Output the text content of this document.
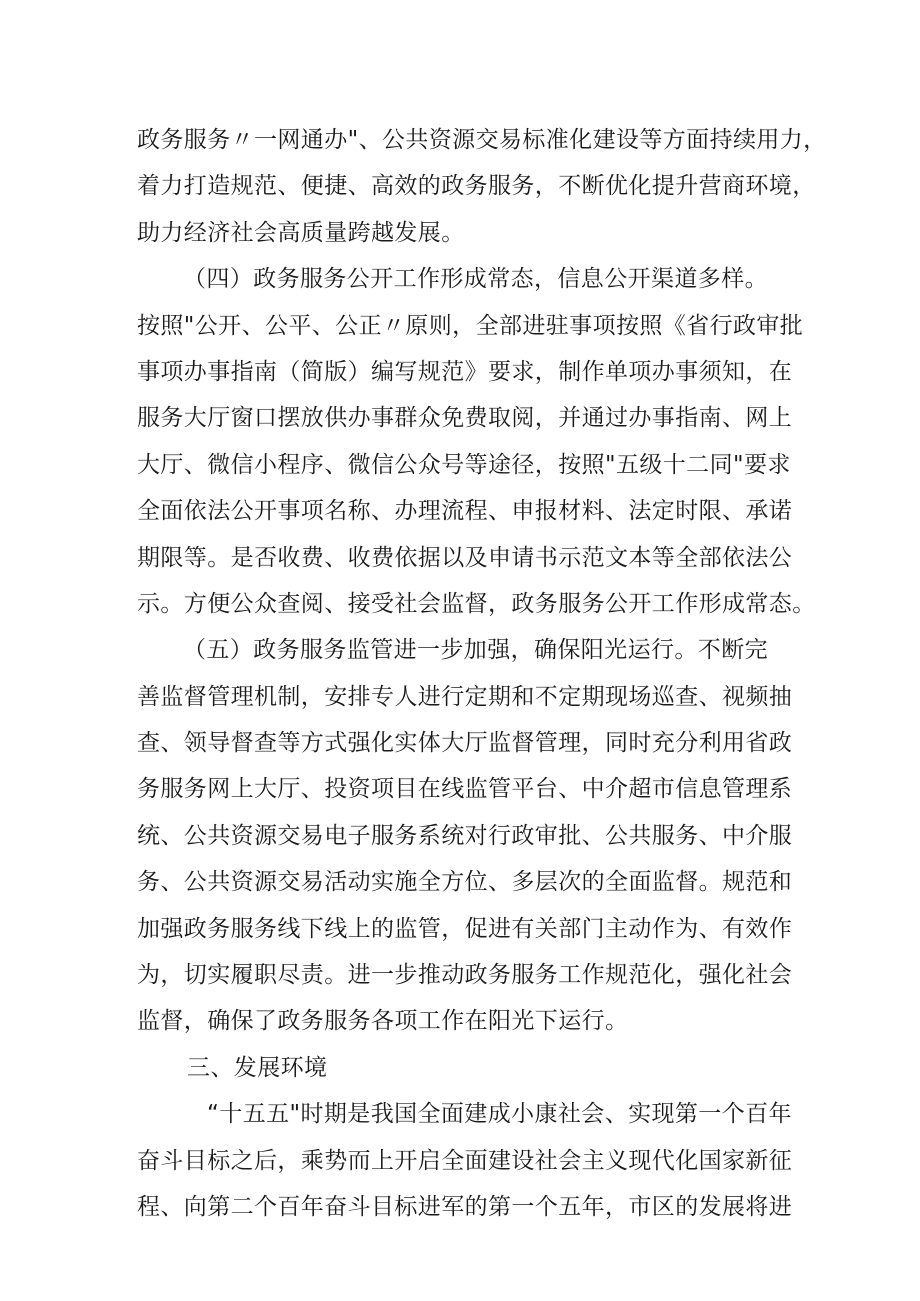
政务服务〃一网通办"、公共资源交易标准化建设等方面持续用力，
着力打造规范、便捷、高效的政务服务，不断优化提升营商环境，
助力经济社会高质量跨越发展。
（四）政务服务公开工作形成常态，信息公开渠道多样。
按照"公开、公平、公正〃原则，全部进驻事项按照《省行政审批
事项办事指南（简版）编写规范》要求，制作单项办事须知，在
服务大厅窗口摆放供办事群众免费取阅，并通过办事指南、网上
大厅、微信小程序、微信公众号等途径，按照"五级十二同"要求
全面依法公开事项名称、办理流程、申报材料、法定时限、承诺
期限等。是否收费、收费依据以及申请书示范文本等全部依法公
示。方便公众查阅、接受社会监督，政务服务公开工作形成常态。
（五）政务服务监管进一步加强，确保阳光运行。不断完
善监督管理机制，安排专人进行定期和不定期现场巡查、视频抽
查、领导督查等方式强化实体大厅监督管理，同时充分利用省政
务服务网上大厅、投资项目在线监管平台、中介超市信息管理系
统、公共资源交易电子服务系统对行政审批、公共服务、中介服
务、公共资源交易活动实施全方位、多层次的全面监督。规范和
加强政务服务线下线上的监管，促进有关部门主动作为、有效作
为，切实履职尽责。进一步推动政务服务工作规范化，强化社会
监督，确保了政务服务各项工作在阳光下运行。
三、发展环境
“十五五"时期是我国全面建成小康社会、实现第一个百年
奋斗目标之后，乘势而上开启全面建设社会主义现代化国家新征
程、向第二个百年奋斗目标进军的第一个五年，市区的发展将进
